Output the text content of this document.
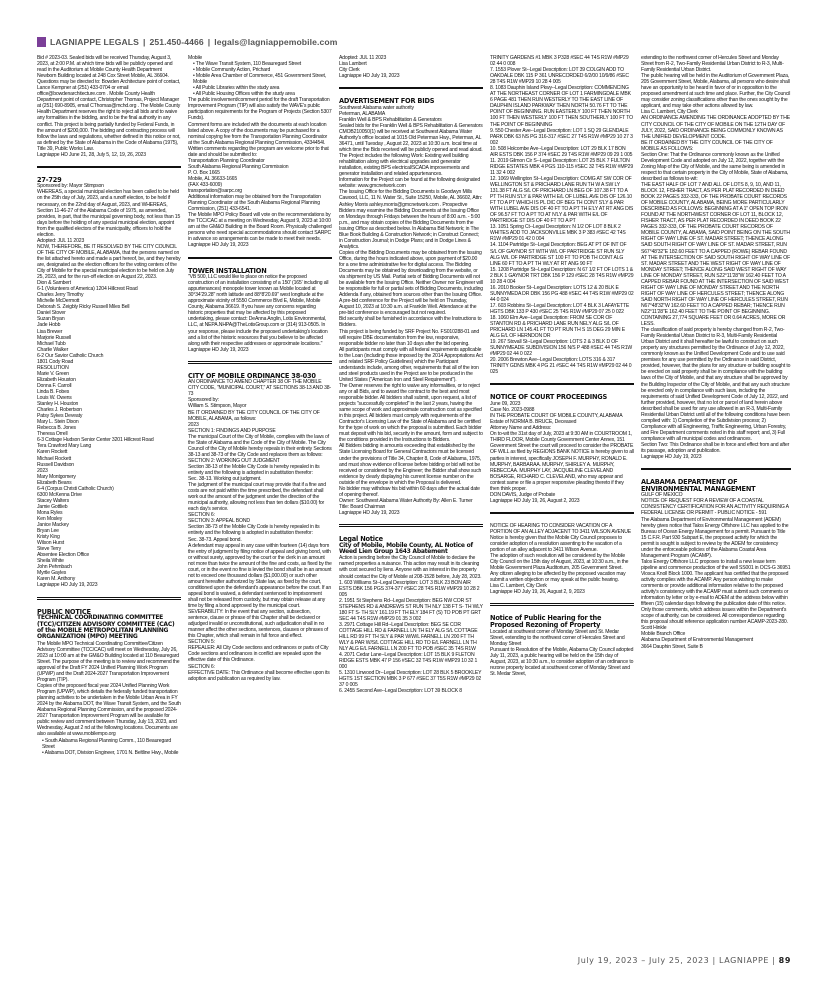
LAGNIAPPE LEGALS | 251.450-4466 | legals@lagniappemobile.com

Bid # 2023-03. Sealed bids will be received Thursday, August 3, 2023, at 2:00 P.M. at which time bids will be publicly opened and read in the Auditorium at Mobile County Health Department Newborn Building located at 248 Cox Street Mobile, AL 36604.

Questions may be directed to: Bowden Architecture point of contact, Lance Kempner at (251) 433-0704 or email office@bowdenarchitecture.com . Mobile County Health Department point of contact, Christopher Thomas, Project Manager at (251) 690-8905, email CThomas@mchd.org . The Mobile County Health Department reserves the right to reject all bids and to waive any formalities in the bidding, and to be the final authority in any conflict. This project is being partially funded by Federal Funds, in the amount of $200,000. The bidding and contracting process will follow the laws and regulations, whether defined in this notice or not, as defined by the State of Alabama in the Code of Alabama (1975), Title 39, Public Works Law.

Lagniappe HD June 21, 28, July 5, 12, 19, 26, 2023

27-729

Sponsored by: Mayor Stimpson

WHEREAS, a special municipal election has been called to be held on the 25th day of July, 2023, and a runoff election, to be held if necessary, on the 22nd day of August, 2023, and WHEREAS, Section 11-46-27 of the Alabama Code of 1975, as amended, provides, in part, that the municipal governing body, not less than 15 days before the holding of any special municipal election, appoint from the qualified electors of the municipality, officers to hold the election.

Adopted: JUL 11 2023

NOW, THEREFORE, BE IT RESOLVED BY THE CITY COUNCIL OF THE CITY OF MOBILE, ALABAMA, that the persons named on the list attached hereto and made a part hereof, be, and they hereby are, designated as the election officers for the voting centers of the City of Mobile for the special municipal election to be held on July 25, 2023, and for the run-off election on August 22, 2023.

Dion & Sambert

6-1 (Volunteers of America) 1204 Hillcrest Road

Charles Jerry Timothy

Michelle McDermott

Deborah S. Zeigbly Ricky Russell Miles Bell

Daniel Stover

Suzan Bryan

Jade Hobb

Lisa Brewer

Marjorie Russell

Michael Tubb

Charlie Walker

6-2 Our Savior Catholic Church

1801 Cody Road

RESOLUTION

Marie V. Green

Elizabeth Houston

Donna F. Carroll

Linda B. Fobes

Louis W. Owens

Stanley H. Houston

Charles J. Robertson

Patsy Sykes Deveaty

Mary L. Stein Dixon

Rebecca B. Jones

Theresa Orrell

6-3 Cottage Hudson Senior Center 3201 Hillcrest Road

Tera Crawford Mary Lang

Karen Rockett

Michael Rockett

Russell Davidson

2023

Mary Montgomery

Elizabeth Beans

6-4 (Corpus Christi Catholic Church)

6300 McKenna Drive

Stacey Walters

Jamie Gottlieb

Mona Ryles

Ken Mosley

Janice Mackey

Bryan Lee

Kristy King

Wilson Hurst

Steve Terry

Absentee Election Office

Sheila White

John Pehmbach

Myrtle Gayles

Karen M. Anthony

Lagniappe HD July 19, 2023

PUBLIC NOTICE
TECHNICAL COORDINATING COMMITTEE (TCC)/CITIZEN ADVISORY COMMITTEE (CAC) of the MOBILE METROPOLITAN PLANNING ORGANIZATION (MPO) MEETING

The Mobile MPO Technical Coordinating Committee/Citizen Advisory Committee (TCC/CAC) will meet on Wednesday, July 26, 2023 at 10:00 am at the GM&O Building located at 110 Beauregard Street. The purpose of the meeting is to review and recommend the approval of the Draft FY 2024 Unified Planning Work Program (UPWP) and the Draft 2024-2027 Transportation Improvement Program (TIP).

Copies of the proposed fiscal year 2024 Unified Planning Work Program (UPWP), which details the federally funded transportation planning activities to be undertaken in the Mobile Urban Area in FY 2024 by the Alabama DOT, the Wave Transit System, and the South Alabama Regional Planning Commission, and the proposed 2024-2027 Transportation Improvement Program will be available for public review and comment between Thursday, July 13, 2023, and Wednesday, August 2 nd at the following locations. Documents are also available at www.mobilempo.org

• South Alabama Regional Planning Comm., 110 Beauregard Street

• Alabama DOT, Division Engineer, 1701 N. Beltline Hwy., Mobile

Mobile

• The Wave Transit System, 110 Beauregard Street

• Mobile Community Action, Prichard

• Mobile Area Chamber of Commerce, 451 Government Street, Mobile

• All Public Libraries within the study area

• All Public Housing Offices within the study area

The public involvement/comment period for the draft Transportation Improvement Program (TIP) will also satisfy the WAVE's public participation requirements for the Program of Projects (Section 5307 Funds).

Comment forms are included with the documents at each location listed above. A copy of the documents may be purchased for a nominal copying fee from the Transportation Planning Coordinator at the South Alabama Regional Planning Commission, 4334454l. Written comments regarding the program are welcome prior to that date and should be submitted to:

Transportation Planning Coordinator

South Alabama Regional Planning Commission

P. O. Box 1665

Mobile, AL 36633-1665

(FAX 433-6009)

transportation@sarpc.org

Additional information may be obtained from the Transportation Planning Coordinator at the South Alabama Regional Planning Commission, (251) 433-6541.

The Mobile MPO Policy Board will vote on the recommendations by the TCC/CAC at a meeting on Wednesday, August 9, 2023 at 10:00 am at the GM&O Building in the Board Room. Physically challenged persons who need special accommodations should contact SARPC in advance so arrangements can be made to meet their needs.

Lagniappe HD July 19, 2023

TOWER INSTALLATION

"VB 500, LLC would like to place on notice the proposed construction of an installation consisting of a 150' (165' including all appurtenances) monopole tower known as Mobile located at 30°34'29.28" north latitude and 88°8'20.69" west longitude at the approximate vicinity of 5550 Commerce Blvd E, Mobile, Mobile County, Alabama 36619. If you have any concerns regarding historic properties that may be affected by this proposed undertaking, please contact: DeAnna Anglin, Lotis Environmental, LLC, at NEPA.NHPA@TheLotisGroup.com or (314) 913-0505. In your response, please include the proposed undertaking's location and a list of the historic resources that you believe to be affected along with their respective addresses or approximate locations."

Lagniappe HD July 19, 2023

CITY OF MOBILE ORDINANCE 38-030

AN ORDINANCE TO AMEND CHAPTER 38 OF THE MOBILE CITY CODE, "MUNICIPAL COURT," AT SECTIONS 38-13 AND 38-73

Sponsored by:

William S. Stimpson, Mayor

BE IT ORDAINED BY THE CITY COUNCIL OF THE CITY OF MOBILE, ALABAMA, as follows:

2023

SECTION 1: FINDINGS AND PURPOSE

The municipal Court of the City of Mobile, complies with the laws of the State of Alabama and the Code of the City of Mobile. The City Council of the City of Mobile hereby repeals in their entirety Sections 38-13 and 38-73 of the City Code and replaces them as follows:

SECTION 2: WORKING OUT JUDGMENT

Section 38-13 of the Mobile City Code is hereby repealed in its entirety and the following is adopted in substitution therefor:

Sec. 38-13. Working out judgment.

The judgment of the municipal court may provide that if a fine and costs are not paid within the time prescribed, the defendant shall work out the amount of the judgment under the direction of the municipal authority, allowing not less than ten dollars ($10.00) for each day's service.

SECTION 6:

SECTION 3: APPEAL BOND

Section 38-73 of the Mobile City Code is hereby repealed in its entirety and the following is adopted in substitution therefor:

Sec. 38-73. Appeal bond.

A defendant may appeal in any case within fourteen (14) days from the entry of judgment by filing notice of appeal and giving bond, with or without surety, approved by the court or the clerk in an amount not more than twice the amount of the fine and costs, as fixed by the court, or in the event no fine is levied the bond shall be in an amount not to exceed one thousand dollars ($1,000.00) or such other amount hereafter authorized by State law, as fixed by the court, conditioned upon the defendant's appearance before the court. If an appeal bond is waived, a defendant sentenced to imprisonment shall not be released from custody, but may obtain release at any time by filing a bond approved by the municipal court.

SEVERABILITY: In the event that any section, subsection, sentence, clause or phrase of this Chapter shall be declared or adjudged invalid or unconstitutional, such adjudication shall in no manner affect the other sections, sentences, clauses or phrases of this Chapter, which shall remain in full force and effect.

SECTION 5:

REPEALER: All City Code sections and ordinances or parts of City Code sections and ordinances in conflict are repealed upon the effective date of this Ordinance.

SECTION 6:

EFFECTIVE DATE: This Ordinance shall become effective upon its adoption and publication as required by law.

Adopted: JUL 11 2023

Lisa Lambert

City Clerk

Lagniappe HD July 19, 2023

ADVERTISEMENT FOR BIDS

Southwest Alabama water authority

Peterman, ALABAMA

Franklin Well & BPS Rehabilitation & Generators

Sealed bids for the Franklin Well & BPS Rehabilitation & Generators CMOB210050(1) will be received at Southwest Alabama Water Authority's office located at 1015 Old Peterman Hwy., Peterman, AL 36471, until Tuesday , August 22, 2023 at 10:30 a.m. local time at which time the Bids received will be publicly opened and read aloud. The Project includes the following Work: Existing well building rehabilitation along with electrical upgrades and generator installation, existing BPS electrical/SCADA improvements and generator installation and related appurtenances.

Information for the Project can be found at the following designated website: www.gmcnetwork.com

The Issuing Office for the Bidding Documents is Goodwyn Mills Cawood, LLC, 11 N. Water St., Suite 15250, Mobile, AL 36602, Attn: Ashley Morris ashley.morris@gmcnetwork.com . Prospective Bidders may examine the Bidding Documents at the Issuing Office on Mondays through Fridays between the hours of 8:00 a.m. - 5:00 p.m., and may obtain copies of the Bidding Documents from the Issuing Office as described below. In Alabama Bid Network; in The Blue Book Building & Construction Network; in Construct Connect; in Construction Journal; in Dodge Plans; and in Dodge Lines & Analytics.

Copies of the Bidding Documents may be obtained from the Issuing Office, during the hours indicated above, upon payment of $20.00 for a one time administrative fee for digital access. The Bidding Documents may be obtained by downloading from the website, or via shipment by US Mail. Partial sets of Bidding Documents will not be available from the Issuing Office. Neither Owner nor Engineer will be responsible for full or partial sets of Bidding Documents, including Addenda if any, obtained from sources other than the Issuing Office.

A pre-bid conference for the Project will be held on Thursday, August 10, 2023 at 10:30 a.m. at Franklin Well. Attendance at the pre-bid conference is encouraged but not required.

Bid security shall be furnished in accordance with the Instructions to Bidders.

This project is being funded by SRF Project No. FS010288-01 and will require DBE documentation from the low, responsive, responsible bidder no later than 10 days after the bid opening.

All participants must comply with all federal requirements applicable to the Loan (including those imposed by the 2014 Appropriations Act and related SRF Policy Guidelines) which the Participant understands include, among other, requirements that all of the iron and steel products used in the Project are to be produced in the United States ("American Iron and Steel Requirement").

The Owner reserves the right to waive any informalities, or to reject any or all Bids, and to award the contract to the best and most responsible bidder. All bidders shall submit, upon request, a list of projects "successfully completed" in the last 2 years, having the same scope of work and approximate construction cost as specified in this project. All bidders must comply with requirements of the Contractor's Licensing Law of the State of Alabama and be certified for the type of work on which the proposal is submitted. Each bidder must deposit with his bid, security in the amount, form and subject to the conditions provided in the Instructions to Bidders.

All Bidders bidding in amounts exceeding that established by the State Licensing Board for General Contractors must be licensed under the provisions of Title 34, Chapter 8, Code of Alabama, 1975, and must show evidence of license before bidding or bid will not be received or considered by the Engineer; the Bidder shall show such evidence by clearly displaying his current license number on the outside of the envelope in which the Proposal is delivered.

No bidder may withdraw his bid within 60 days after the actual date of opening thereof.

Owner: Southwest Alabama Water Authority By: Allen E. Turner

Title: Board Chairman

Lagniappe HD July 19, 2023

Legal Notice
City of Mobile, Mobile County, AL Notice of Weed Lien Group 1643 Abatement

Action is pending before the City Council of Mobile to declare the named properties a nuisance. This action may result in its cleaning with cost secured by liens. Anyone with an interest in the property should contact the City of Mobile at 208-1528 before, July 28, 2023.

1. 603 Williams St--Legal Description: LOT 3 BLK 23 BON AIR ESTS DBK 156 PGS 374-377 #SEC 28 T4S R1W #MP29 10 28 2 005

2. 1951 St Stephens Rd--Legal Description: BEG NW COR ST STEPHENS RD & ANDREWS ST RUN TH NLY 138 FT S- TH WLY 180 FT S- TH SLY 161.19 FT TH ELY 184 FT (S) TO POB PT GRT SEC 44 T4S R1W #MP29 01 35 3 002

3. 2971 Cottage Hill Rd--Legal Description: BEG SE COR COTTAGE HILL RD & FARNELL LN TH ELY ALG S/L COTTAGE HILL RD 99 FT TH SLY & PAR W/W/L FARNELL LN 200 FT TH WLY & PAR W/S/L COTTAGE HILL RD TO E/L FARNELL LN TH NLY ALG E/L FARNELL LN 200 FT TO POB #SEC 35 T4S R1W

4. 2071 Cedar Lane--Legal Description: LOT 15 BLK 9 FLETON RIDGE ESTS MBK 47 P 156 #SEC 32 T4S R1W #MP29 10 32 1 000

5. 1310 Linwood Dr--Legal Description: LOT 28 BLK 5 BROOKLEY HGTS 1ST SECTION MBK 3 P 677 #SEC 37 T5S R1W #MP29 02 37 0 005

6. 2455 Second Ave--Legal Description: LOT 39 BLOCK 8

TRINITY GARDENS #1 MBK 3 P328 #SEC 44 T4S R1W #MP29 02 44 0 008

7. 1553 Plover St--Legal Description: LOT 39 COLGIN ADD TO OAKDALE DBK 115 P 361 UNRECORDED 6/2/00 10/9/86 #SEC 28 T4S R1W #MP29 10 28 4 005

8. 1083 Dauphin Island Pkwy--Legal Description: COMMENCING AT THE NORTHEAST CORNER OF LOT 1 FARMINGDALE MBK 6 PAGE 481 THEN RUN WESTERLY TO THE EAST LINE OF DAUPHIN ISLAND PARKWAY THEN NORTH 50.76 FT TO THE POINT OF BEGINNING. RUN EASTERLY 100 FT THEN NORTH 100 FT THEN WESTERLY 100 FT THEN SOUTHERLY 100 FT TO THE POINT OF BEGINNING

9. 550 Chester Ave--Legal Description: LOT 1 SQ 29 GLENDALE PARK DBK 63 NS PG 316-317 #SEC 27 T4S R1W #MP29 10 27 3 002

10. 508 Holcombe Ave--Legal Description: LOT 29 BLK 17 BON AIR ESTS DBK 156 P 374 #SEC 29 T4S R1W #MP29 09 29 1 005

11. 2019 Gilmon Cir S--Legal Description: LOT 25 BLK 7 FULTON RIDGE ESTATES MBK 4 PGS 110-115 #SEC 32 T4S R1W #MP29 11 32 4 002

12. 1069 Wellington St--Legal Description: COMG AT SW COR OF WELLINGTON ST & PRICHARD LANE RUN TH W A SW LY 131.38 FT ALG S/L OF PRICHARD LN BEG OF 107.38 FT TO A PT TH RUN S'LY & PAR WITH E/L OF LUBEL AVE DIS OF 126.10 FT TO A PT WHICH IS PL DIC OF BEG TH CONT S'LY & PAR WITH LUBEL AVE DIS OF 40 FT TO A PT TH E'LY AT RT ANG DIS OF 96.57 FT TO A PT TO AT N'LY & PAR WITH E/L OF PARTRIDGE ST DIS OF 40 FT TO A PT

13. 1051 Spring Ct--Legal Description: N 1/2 OF LOT 8 BLK 2 WHITES ADD TO JACKSONVILLE MBK 3 P 383 #SEC 42 T4S R1W #MP29 01 42 0 004

14. 1104 Partridge St--Legal Description: BEG AT PT OF INT OF S/L OF GAYNOR ST WITH W/L OF PARTRIDGE ST RUN SLY ALG W/L OF PARTRIDGE ST 100 FT TO POB TH CONT ALG LINE 60 FT TO A PT TH WLY AT RT ANG 90 FT

15. 1208 Partridge St--Legal Description: N 67 1/2 FT OF LOTS 1 & 2 BLK 1 GAYNOR TRT DBK 156 P 129 #SEC 28 T4S R1W #MP29 10 28 4 004

16. 2010 Booker St--Legal Description: LOTS 12 & 20 BLK E SUNNYMEDA DR DBK 156 PG 488 #SEC 44 T4S R1W #MP29 02 44 0 024

17. 603 Robbins St--Legal Description: LOT 4 BLK 3 LAFAYETTE HGTS DBK 133 P 430 #SEC 25 T4S R1W #MP29 07 25 0 022

18. 1060 Elm Ave--Legal Description: FROM SE COR OF STANTON RD & PRICHARD LANE RUN NELY ALG S/L OF PRICHARD LN 145.41 FT TO PT RUN TH S 15 DEG 29 MIN E ALG E/L OF HERNDON DR

19. 267 Stovall St--Legal Description: LOTS 2 & 3 BLK D OF SUNNYMEADE SUBDIVISION 156 N/S P 488 #SEC 44 T4S R1W #MP29 02 44 0 022

20. 2006 Brewton Ave--Legal Description: LOTS 316 & 317 TRINITY GDNS MBK 4 PG 21 #SEC 44 T4S R1W #MP29 02 44 0 025

NOTICE OF COURT PROCEEDINGS

June 09, 2023

Case No. 2023-0988

IN THE PROBATE COURT OF MOBILE COUNTY, ALABAMA

Estate of NORMA B. BRUCE, Deceased

Attorney Name and Address:

On to-wit the 31st day of July, 2023 at 9:30 AM in COURTROOM 1, THIRD FLOOR, Mobile County Government Center Annex, 151 Government Street the court will proceed to consider the PROBATE OF WILL as filed by REGIONS BANK NOTICE is hereby given to all parties in interest, specifically JOSEPH F. MURPHY, RONALD E. MURPHY, BARBARAA. MURPHY, SHIRLEY A. MURPHY, REBECCAA. MURPHY LAY, JACQUELINE CLEVELAND BOSARGE, RICHARD C. CLEVELAND, who may appear and contest same or file a proper responsive pleading thereto if they then think proper.

DON DAVIS, Judge of Probate

Lagniappe HD July 19, 26, August 2, 2023

NOTICE OF HEARING TO CONSIDER VACATION OF A PORTION OF AN ALLEY ADJACENT TO 3411 WILSON AVENUE

Notice is hereby given that the Mobile City Council proposes to consider adoption of a resolution assenting to the vacation of a portion of an alley adjacent to 3411 Wilson Avenue.

The adoption of such resolution will be considered by the Mobile City Council on the 15th day of August, 2023, at 10:30 a.m., in the Mobile Government Plaza Auditorium, 205 Government Street.

Any citizen alleging to be affected by the proposed vacation may submit a written objection or may speak at the public hearing.

Lisa C. Lambert, City Clerk

Lagniappe HD July 19, 26, August 2, 9, 2023

Notice of Public Hearing for the Proposed Rezoning of Property

Located at southwest corner of Monday Street and St. Medar Street, extending to the northwest corner of Hercules Street and Monday Street

Pursuant to Resolution of the Mobile, Alabama City Council adopted July 11, 2023, a public hearing will be held on the 15th day of August, 2023, at 10:30 a.m., to consider adoption of an ordinance to rezone property located at southwest corner of Monday Street and St. Medar Street,

extending to the northwest corner of Hercules Street and Monday Street from R-2, Two-Family Residential Urban District to R-3, Multi-Family Residential Urban District.

The public hearing will be held in the Auditorium of Government Plaza, 205 Government Street, Mobile, Alabama, all persons who desire shall have an opportunity to be heard in favor of or in opposition to the proposed amendment at such time and place. Further, the City Council may consider zoning classifications other than the ones sought by the applicant, and may take other actions allowed by law.

Lisa C. Lambert, City Clerk

AN ORDINANCE AMENDING THE ORDINANCE ADOPTED BY THE CITY COUNCIL OF THE CITY OF MOBILE ON THE 12TH DAY OF JULY, 2022, SAID ORDINANCE BEING COMMONLY KNOWN AS THE UNIFIED DEVELOPMENT CODE.

BE IT ORDAINED BY THE CITY COUNCIL OF THE CITY OF MOBILE AS FOLLOWS:

Section One: That the Ordinance commonly known as the Unified Development Code and adopted on July 12, 2022, together with the Zoning Map of the City of Mobile, and the same being is amended in respect to that certain property in the City of Mobile, State of Alabama, described as follows to-wit:

THE EAST HALF OF LOT 7 AND ALL OF LOTS 8, 9, 10, AND 11, BLOCK 12, FISHER TRACT, AS PER PLAT RECORDED IN DEED BOOK 22 PAGES 332-333, OF THE PROBATE COURT RECORDS OF MOBILE COUNTY, ALABAMA, BEING MORE PARTICULARLY DESCRIBED AS FOLLOWS: BEGINNING AT A 1" OPEN TOP IRON FOUND AT THE NORTHWEST CORNER OF LOT 11, BLOCK 12, FISHER TRACT, AS PER PLAT RECORDED IN DEED BOOK 22 PAGES 332-333, OF THE PROBATE COURT RECORDS OF MOBILE COUNTY, ALABAMA, SAID POINT BEING ON THE SOUTH RIGHT OF WAY LINE OF ST. MADAR STREET; THENCE ALONG SAID SOUTH RIGHT OF WAY LINE OF ST. MADAR STREET, RUN S67°48'32"E 182.60 FEET TO A CAPPED (ROWE) REBAR FOUND AT THE INTERSECTION OF SAID SOUTH RIGHT OF WAY LINE OF ST. MADAR STREET AND THE WEST RIGHT OF WAY LINE OF MONDAY STREET; THENCE ALONG SAID WEST RIGHT OF WAY LINE OF MONDAY STREET, RUN S22°11'28"W 162.40 FEET TO A CAPPED REBAR FOUND AT THE INTERSECTION OF SAID WEST RIGHT OF WAY LINE OF MONDAY STREET AND THE NORTH RIGHT OF WAY LINE OF HERCULES STREET; THENCE ALONG SAID NORTH RIGHT OF WAY LINE OF HERCULES STREET, RUN N67°48'32"W 162.60 FEET TO A CAPPED REBAR; THENCE RUN N22°11'28"E 162.40 FEET TO THE POINT OF BEGINNING. CONTAINING 27,774 SQUARE FEET OR 0.64 ACRES, MORE OR LESS.

The classification of said property is hereby changed from R-2, Two-Family Residential Urban District to R-3, Multi-Family Residential Urban District and it shall hereafter be lawful to construct on such property any structures permitted by the Ordinance of July 12, 2022, commonly known as the Unified Development Code and to use said premises for any use permitted by the Ordinance in said District, provided, however, that the plans for any structure or building sought to be erected on said property shall be in compliance with the building laws of the City of Mobile, and that any structure shall be approved by the Building Inspector of the City of Mobile, and that any such structure be erected only in compliance with such laws, including the requirements of said Unified Development Code of July 12, 2022, and further provided, however, that no lot or parcel of land herein above described shall be used for any use allowed in an R-3, Multi-Family Residential Urban District until all of the following conditions have been complied with: 1) Completion of the Subdivision process; 2) Compliance with all Engineering, Traffic Engineering, Urban Forestry, and Fire Department comments noted in this staff report; and, 3) Full compliance with all municipal codes and ordinances.

Section Two: This Ordinance shall be in force and effect from and after its passage, adoption and publication.

Lagniappe HD July 19, 2023

ALABAMA DEPARTMENT OF ENVIRONMENTAL MANAGEMENT

GULF OF MEXICO

NOTICE OF REQUEST FOR A REVIEW OF A COASTAL CONSISTENCY CERTIFICATION FOR AN ACTIVITY REQUIRING A FEDERAL LICENSE OR PERMIT - PUBLIC NOTICE - 591

The Alabama Department of Environmental Management (ADEM) hereby gives notice that Talos Energy Offshore LLC has applied to the Bureau of Ocean Energy Management for a permit. Pursuant to Title 15 C.F.R. Part 930 Subpart E, the proposed activity for which the permit is sought is subject to review by the ADEM for consistency under the enforceable policies of the Alabama Coastal Area Management Program (ACAMP).

Talos Energy Offshore LLC proposes to install a new lease term pipeline and commence production of the well SS001 in OCS-G 36951 Viosca Knoll Block 1000. The applicant has certified that the proposed activity complies with the ACAMP. Any person wishing to make comments or provide additional information relative to the proposed activity's consistency with the ACAMP must submit such comments or information by letter or by e-mail to ADEM at the address below within fifteen (15) calendar days following the publication date of this notice. Only those comments, which address issues within the Department's scope of authority, can be considered. All correspondence regarding this proposal should reference application number ACAMP-2023-280.

Scott Hinkle

Mobile Branch Office

Alabama Department of Environmental Management

3664 Dauphin Street, Suite B

July 19, 2023 – July 25, 2023 | LAGNIAPPE | 89
